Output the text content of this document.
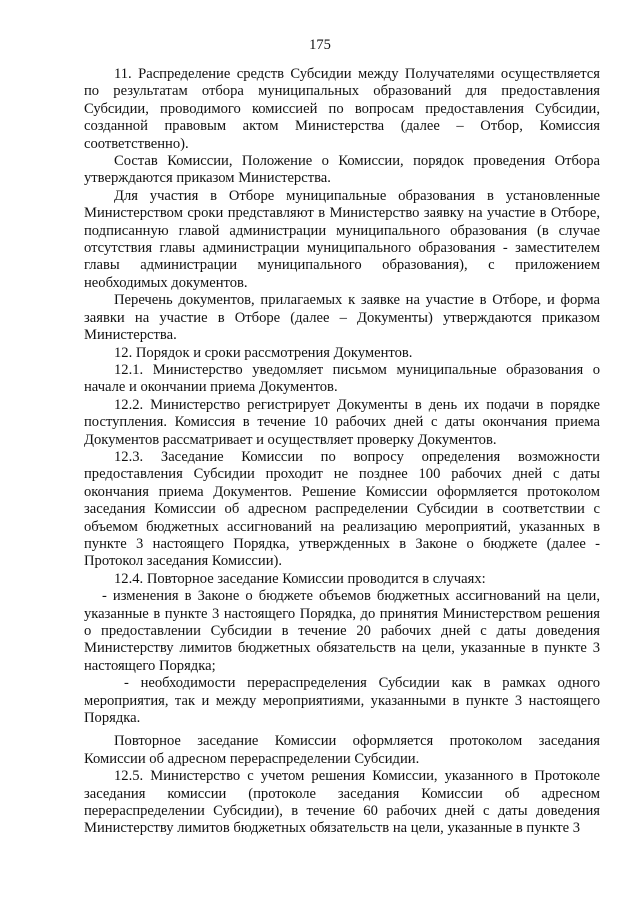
175

11. Распределение средств Субсидии между Получателями осуществляется по результатам отбора муниципальных образований для предоставления Субсидии, проводимого комиссией по вопросам предоставления Субсидии, созданной правовым актом Министерства (далее – Отбор, Комиссия соответственно).

Состав Комиссии, Положение о Комиссии, порядок проведения Отбора утверждаются приказом Министерства.

Для участия в Отборе муниципальные образования в установленные Министерством сроки представляют в Министерство заявку на участие в Отборе, подписанную главой администрации муниципального образования (в случае отсутствия главы администрации муниципального образования - заместителем главы администрации муниципального образования), с приложением необходимых документов.

Перечень документов, прилагаемых к заявке на участие в Отборе, и форма заявки на участие в Отборе (далее – Документы) утверждаются приказом Министерства.

12. Порядок и сроки рассмотрения Документов.

12.1. Министерство уведомляет письмом муниципальные образования о начале и окончании приема Документов.

12.2. Министерство регистрирует Документы в день их подачи в порядке поступления. Комиссия в течение 10 рабочих дней с даты окончания приема Документов рассматривает и осуществляет проверку Документов.

12.3. Заседание Комиссии по вопросу определения возможности предоставления Субсидии проходит не позднее 100 рабочих дней с даты окончания приема Документов. Решение Комиссии оформляется протоколом заседания Комиссии об адресном распределении Субсидии в соответствии с объемом бюджетных ассигнований на реализацию мероприятий, указанных в пункте 3 настоящего Порядка, утвержденных в Законе о бюджете (далее - Протокол заседания Комиссии).

12.4. Повторное заседание Комиссии проводится в случаях:

- изменения в Законе о бюджете объемов бюджетных ассигнований на цели, указанные в пункте 3 настоящего Порядка, до принятия Министерством решения о предоставлении Субсидии в течение 20 рабочих дней с даты доведения Министерству лимитов бюджетных обязательств на цели, указанные в пункте 3 настоящего Порядка;

- необходимости перераспределения Субсидии как в рамках одного мероприятия, так и между мероприятиями, указанными в пункте 3 настоящего Порядка.

Повторное заседание Комиссии оформляется протоколом заседания Комиссии об адресном перераспределении Субсидии.

12.5. Министерство с учетом решения Комиссии, указанного в Протоколе заседания комиссии (протоколе заседания Комиссии об адресном перераспределении Субсидии), в течение 60 рабочих дней с даты доведения Министерству лимитов бюджетных обязательств на цели, указанные в пункте 3
